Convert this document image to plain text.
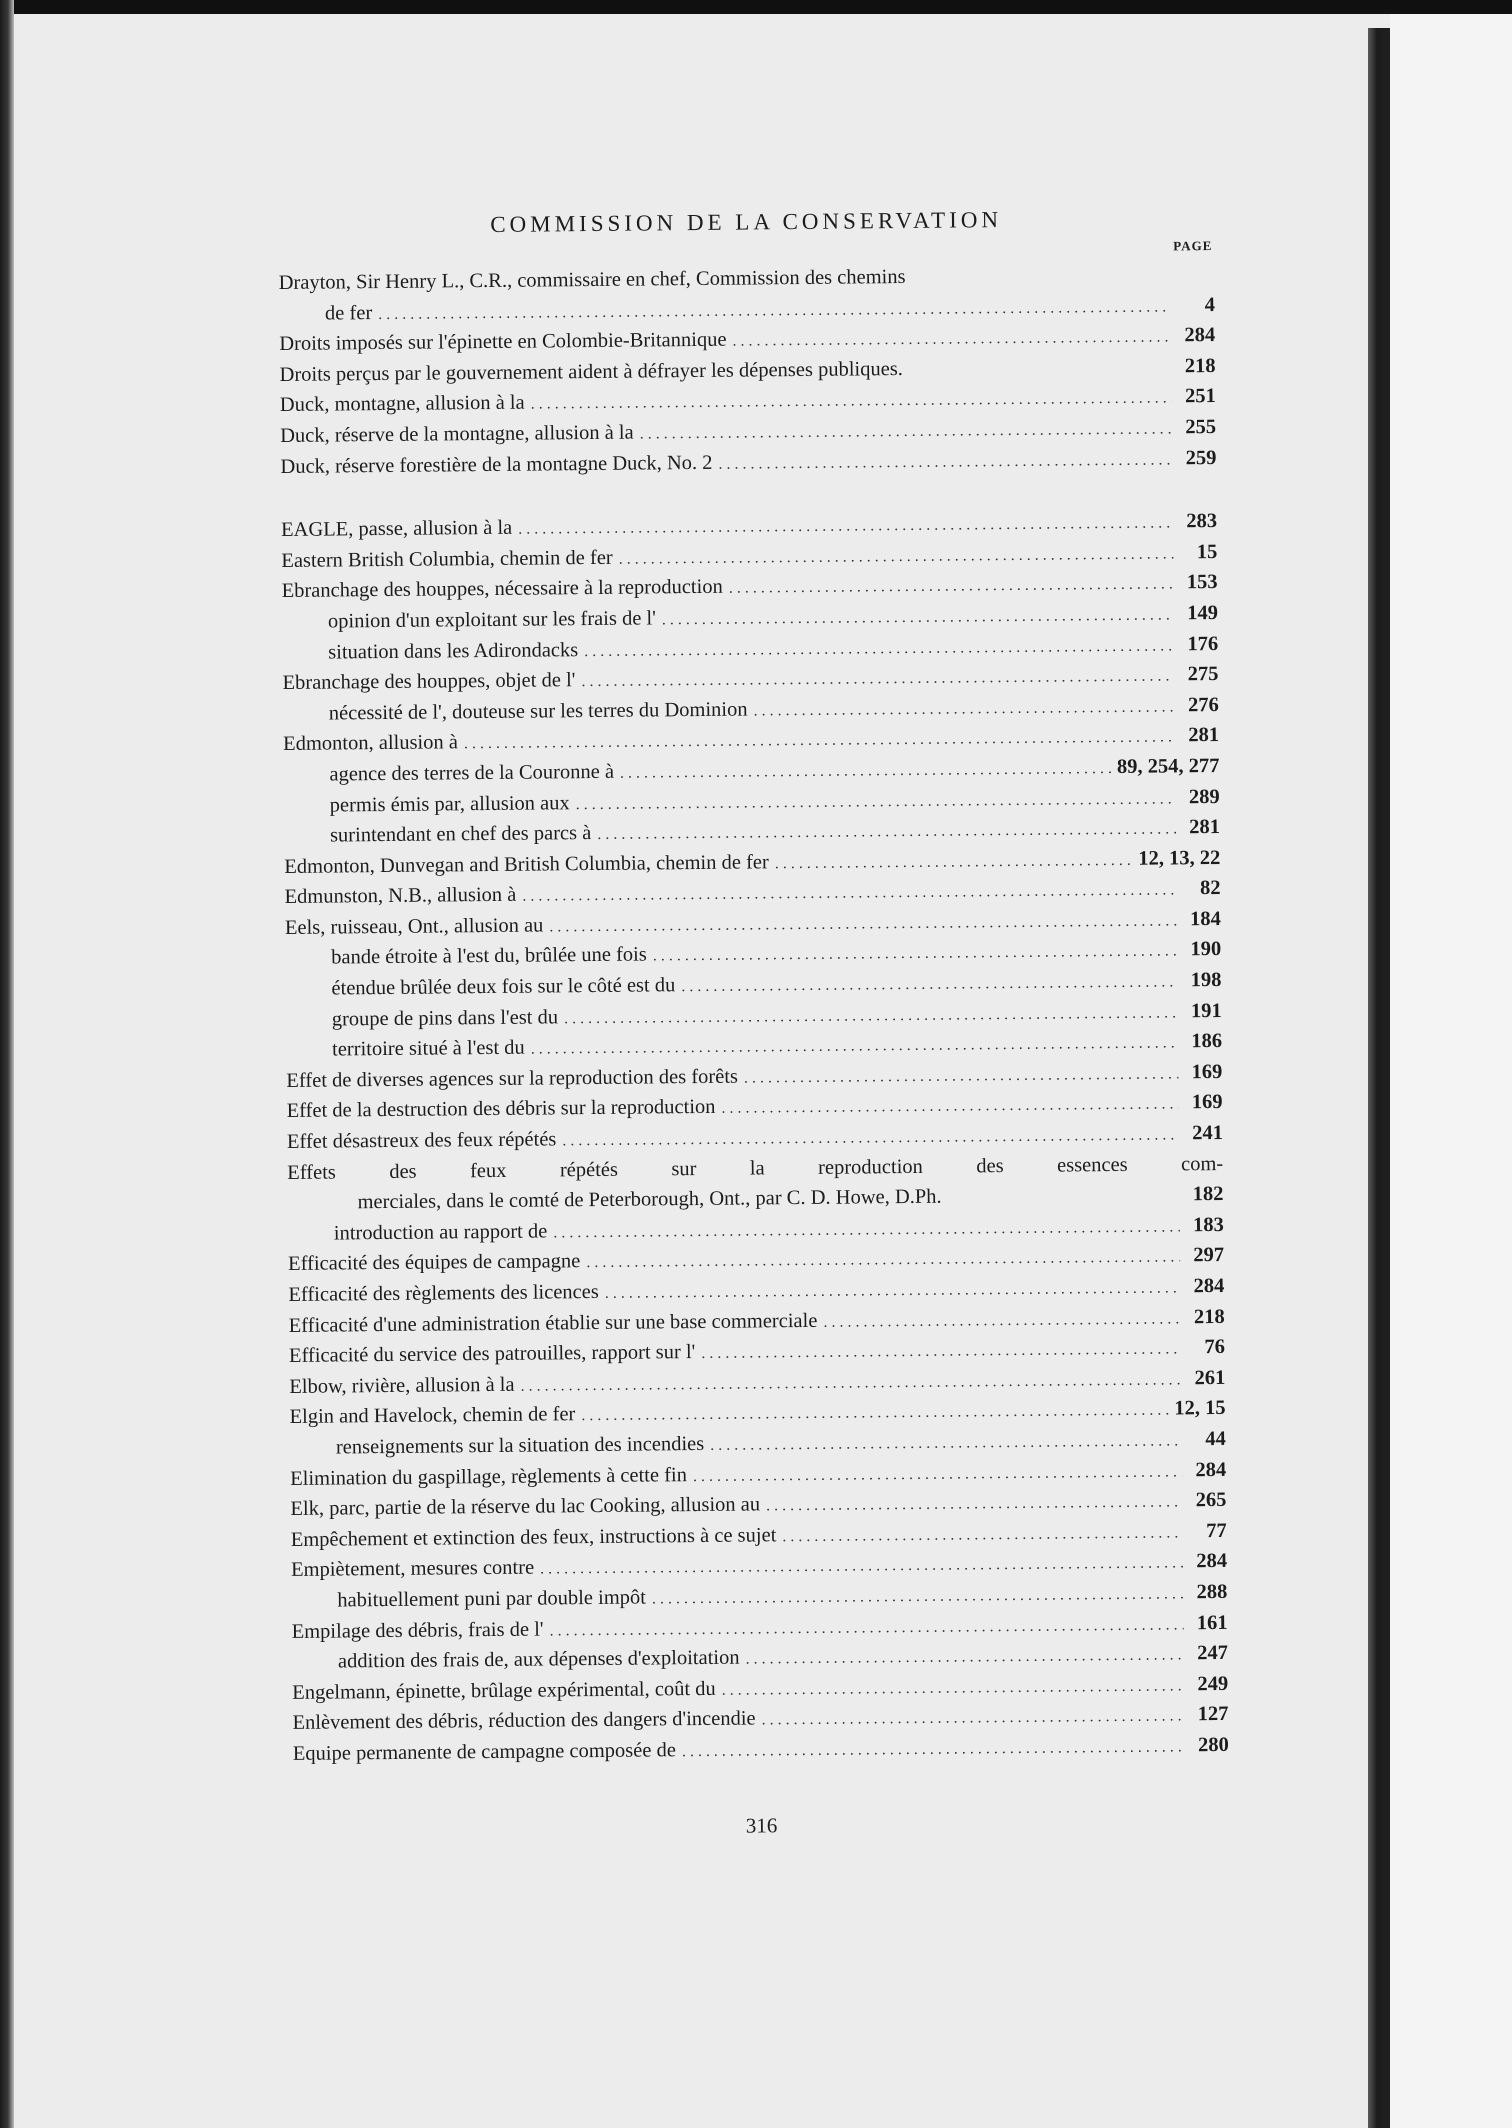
COMMISSION DE LA CONSERVATION
PAGE
Drayton, Sir Henry L., C.R., commissaire en chef, Commission des chemins
de fer . . .	4
Droits imposés sur l'épinette en Colombie-Britannique . . .	284
Droits perçus par le gouvernement aident à défrayer les dépenses publiques.	218
Duck, montagne, allusion à la . . .	251
Duck, réserve de la montagne, allusion à la . . .	255
Duck, réserve forestière de la montagne Duck, No. 2 . . .	259
EAGLE, passe, allusion à la . . .	283
Eastern British Columbia, chemin de fer . . .	15
Ebranchage des houppes, nécessaire à la reproduction . . .	153
opinion d'un exploitant sur les frais de l' . . .	149
situation dans les Adirondacks . . .	176
Ebranchage des houppes, objet de l' . . .	275
nécessité de l', douteuse sur les terres du Dominion . . .	276
Edmonton, allusion à . . .	281
agence des terres de la Couronne à . . .	89, 254, 277
permis émis par, allusion aux . . .	289
surintendant en chef des parcs à . . .	281
Edmonton, Dunvegan and British Columbia, chemin de fer . . .	12, 13, 22
Edmunston, N.B., allusion à . . .	82
Eels, ruisseau, Ont., allusion au . . .	184
bande étroite à l'est du, brûlée une fois . . .	190
étendue brûlée deux fois sur le côté est du . . .	198
groupe de pins dans l'est du . . .	191
territoire situé à l'est du . . .	186
Effet de diverses agences sur la reproduction des forêts . . .	169
Effet de la destruction des débris sur la reproduction . . .	169
Effet désastreux des feux répétés . . .	241
Effets des feux répétés sur la reproduction des essences com-
merciales, dans le comté de Peterborough, Ont., par C. D. Howe, D.Ph.	182
introduction au rapport de . . .	183
Efficacité des équipes de campagne . . .	297
Efficacité des règlements des licences . . .	284
Efficacité d'une administration établie sur une base commerciale . . .	218
Efficacité du service des patrouilles, rapport sur l' . . .	76
Elbow, rivière, allusion à la . . .	261
Elgin and Havelock, chemin de fer . . .	12, 15
renseignements sur la situation des incendies . . .	44
Elimination du gaspillage, règlements à cette fin . . .	284
Elk, parc, partie de la réserve du lac Cooking, allusion au . . .	265
Empêchement et extinction des feux, instructions à ce sujet . . .	77
Empiètement, mesures contre . . .	284
habituellement puni par double impôt . . .	288
Empilage des débris, frais de l' . . .	161
addition des frais de, aux dépenses d'exploitation . . .	247
Engelmann, épinette, brûlage expérimental, coût du . . .	249
Enlèvement des débris, réduction des dangers d'incendie . . .	127
Equipe permanente de campagne composée de . . .	280
316
